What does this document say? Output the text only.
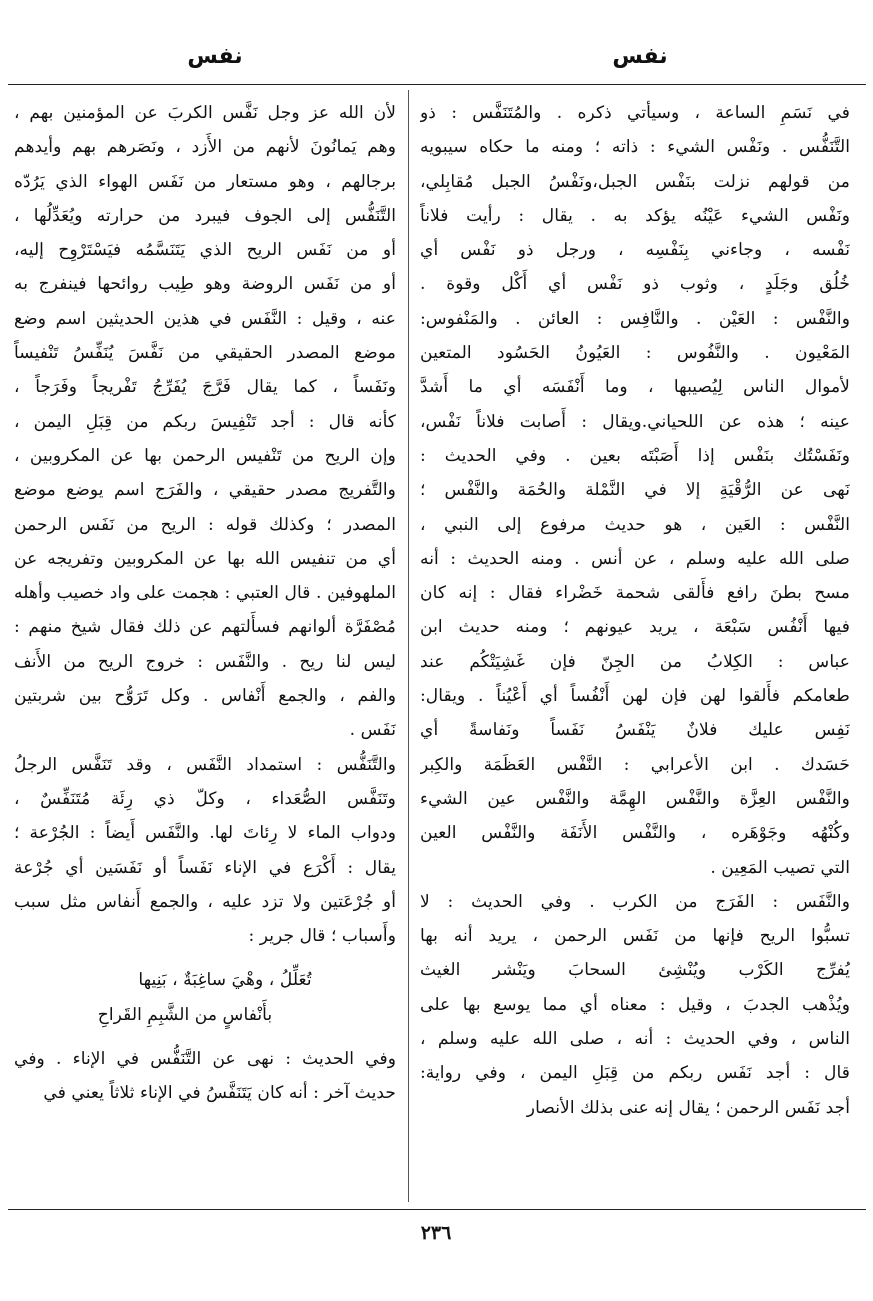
نفس
نفس
في نَسَمِ الساعة ، وسيأتي ذكره . والمُتَنَفَّس : ذو
التَّنَفُّس . ونَفْس الشيء : ذاته ؛ ومنه ما حكاه سيبويه
من قولهم نزلت بنَفْس الجبل،ونَفْسُ الجبل مُقابِلي،
ونَفْس الشيء عَيْنُه يؤكد به . يقال : رأيت فلاناً
نَفْسه ، وجاءني بِنَفْسِه ، ورجل ذو نَفْس أي
خُلُق وجَلَدٍ ، وثوب ذو نَفْس أي أَكْل وقوة .
والنَّفْس : العَيْن . والنَّافِس : العائن . والمَنْفوس:
المَعْيون . والنَّفُوس : العَيُونُ الحَسُود المتعين
لأموال الناس لِيُصيبها ، وما أَنْفَسَه أي ما أَشدَّ
عينه ؛ هذه عن اللحياني.ويقال : أَصابت فلاناً نَفْس،
ونَفَسْتُك بنَفْس إذا أَصَبْتَه بعين . وفي الحديث :
نَهى عن الرُّقْيَةِ إلا في النَّمْلة والحُمَة والنَّفْس ؛
النَّفْس : العَين ، هو حديث مرفوع إلى النبي ،
صلى الله عليه وسلم ، عن أنس . ومنه الحديث : أنه
مسح بطنَ رافع فأَلقى شحمة خَضْراء فقال : إنه كان
فيها أَنْفُس سَبْعَة ، يريد عيونهم ؛ ومنه حديث ابن
عباس : الكِلابُ من الجِنّ فإن غَشِيَتْكُم عند
طعامكم فأَلقوا لهن فإن لهن أَنْفُساً أي أَعْيُناً . ويقال:
نَفِس عليك فلانٌ يَنْفَسُ نَفَساً ونَفاسةً أي
حَسَدك . ابن الأعرابي : النَّفْس العَظَمَة والكِبر
والنَّفْس العِزَّة والنَّفْس الهِمَّة والنَّفْس عين الشيء
وكُنْهُه وجَوْهَره ، والنَّفْس الأَنَفَة والنَّفْس العين
التي تصيب المَعِين .
والنَّفَس : الفَرَج من الكرب . وفي الحديث : لا
تسبُّوا الريح فإنها من نَفَس الرحمن ، يريد أنه بها
يُفرِّج الكَرْب ويُنْشِئ السحابَ ويَنْشر الغيث
ويُذْهب الجدبَ ، وقيل : معناه أي مما يوسع بها على
الناس ، وفي الحديث : أنه ، صلى الله عليه وسلم ،
قال : أجد نَفَس ربكم من قِبَلِ اليمن ، وفي رواية:
أجد نَفَس الرحمن ؛ يقال إنه عنى بذلك الأنصار
لأن الله عز وجل نَفَّس الكربَ عن المؤمنين بهم ،
وهم يَمانُونَ لأنهم من الأَزد ، ونَصَرهم بهم وأيدهم
برجالهم ، وهو مستعار من نَفَس الهواء الذي يَرُدّه
التَّنَفُّس إلى الجوف فيبرد من حرارته ويُعَدِّلُها ،
أو من نَفَس الريح الذي يَتَنَسَّمُه فيَسْتَرْوِح إليه،
أو من نَفَس الروضة وهو طِيب روائحها فينفرج به
عنه ، وقيل : النَّفَس في هذين الحديثين اسم وضع
موضع المصدر الحقيقي من نَفَّسَ يُنَفِّسُ تَنْفيساً
ونَفَساً ، كما يقال فَرَّجَ يُفَرِّجُ تَفْريجاً وفَرَجاً ،
كأنه قال : أجد تَنْفِيسَ ربكم من قِبَلِ اليمن ،
وإن الريح من تَنْفيس الرحمن بها عن المكروبين ،
والتَّفريج مصدر حقيقي ، والفَرَج اسم يوضع موضع
المصدر ؛ وكذلك قوله : الريح من نَفَس الرحمن
أي من تنفيس الله بها عن المكروبين وتفريجه عن
الملهوفين . قال العتبي : هجمت على واد خصيب وأهله
مُصْفَرَّة ألوانهم فسأَلتهم عن ذلك فقال شيخ منهم :
ليس لنا ريح . والنَّفَس : خروج الريح من الأَنف
والفم ، والجمع أَنْفاس . وكل تَرَوُّح بين شربتين
نَفَس .
والتَّنَفُّس : استمداد النَّفَس ، وقد تَنَفَّس الرجلُ
وتَنَفَّس الصُّعَداء ، وكلّ ذي رِئَة مُتَنَفِّسٌ ،
ودواب الماء لا رِئاتَ لها. والنَّفَس أَيضاً : الجُرْعة ؛
يقال : أَكْرَع في الإناء نَفَساً أو نَفَسَين أي جُرْعة
أو جُرْعَتين ولا تزد عليه ، والجمع أَنفاس مثل سبب
وأَسباب ؛ قال جرير :
تُعَلِّلُ ، وهْيَ ساغِبَةٌ ، بَنِيها
بأَنْفاسٍ من الشَّبِمِ القَراحِ
وفي الحديث : نهى عن التَّنَفُّس في الإناء . وفي
حديث آخر : أنه كان يَتَنَفَّسُ في الإناء ثلاثاً يعني في
٢٣٦
